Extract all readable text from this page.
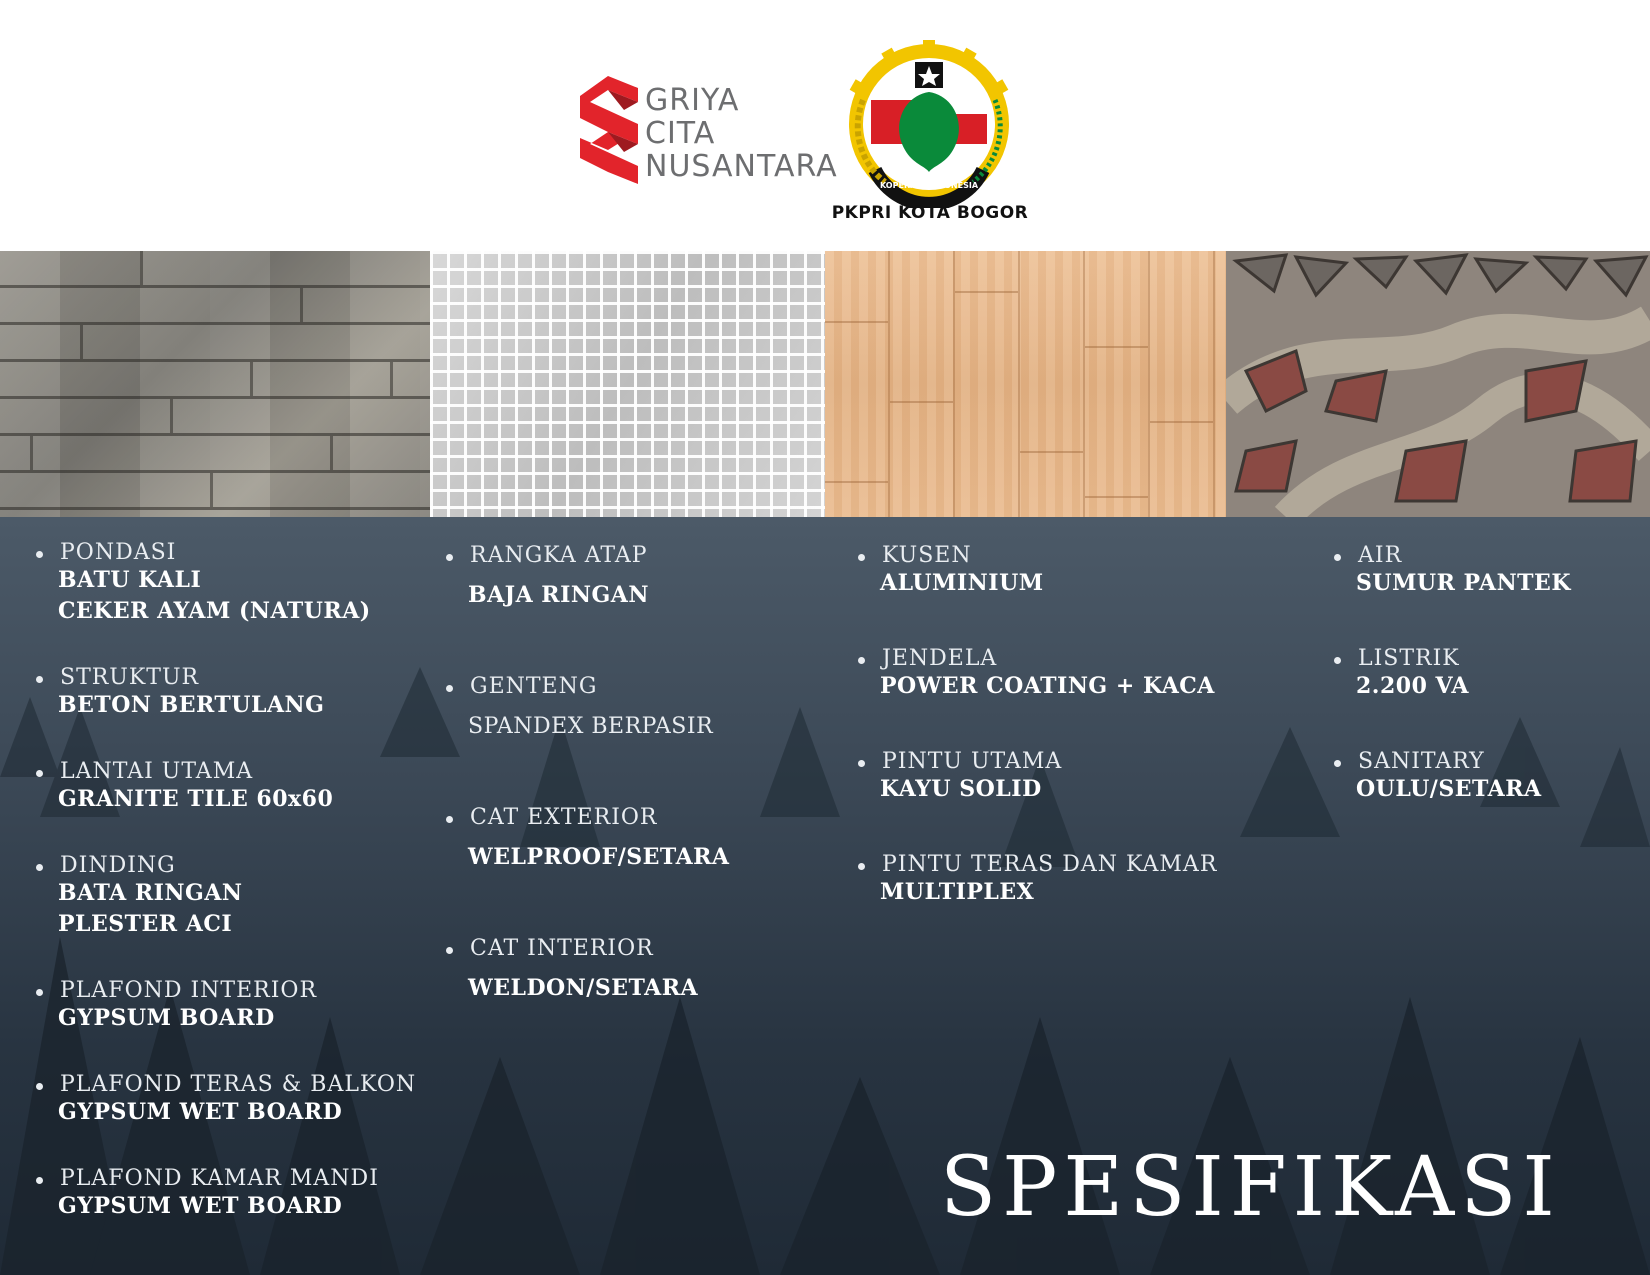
GRIYA
CITA
NUSANTARA
KOPERASI INDONESIA
PKPRI KOTA BOGOR
PONDASI
BATU KALI
CEKER AYAM (NATURA)
STRUKTUR
BETON BERTULANG
LANTAI UTAMA
GRANITE TILE 60x60
DINDING
BATA RINGAN
PLESTER ACI
PLAFOND INTERIOR
GYPSUM BOARD
PLAFOND TERAS & BALKON
GYPSUM WET BOARD
PLAFOND KAMAR MANDI
GYPSUM WET BOARD
RANGKA ATAP
BAJA RINGAN
GENTENG
SPANDEX BERPASIR
CAT EXTERIOR
WELPROOF/SETARA
CAT INTERIOR
WELDON/SETARA
KUSEN
ALUMINIUM
JENDELA
POWER COATING + KACA
PINTU UTAMA
KAYU SOLID
PINTU TERAS DAN KAMAR
MULTIPLEX
AIR
SUMUR PANTEK
LISTRIK
2.200 VA
SANITARY
OULU/SETARA
SPESIFIKASI
